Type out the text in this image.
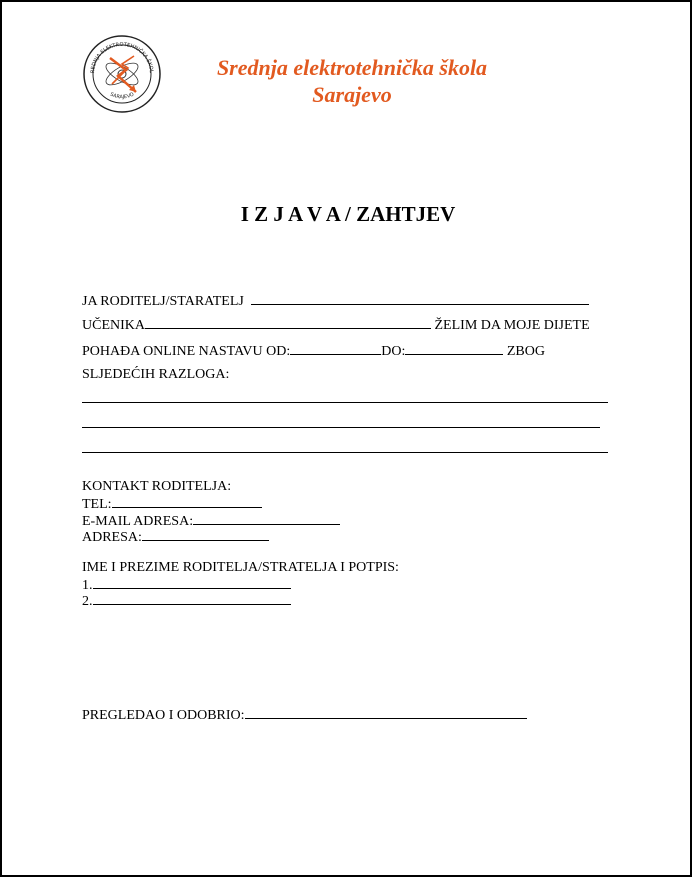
REDNJA ELEKTROTEHNIČKA ŠKOL
SARAJEVO
Srednja elektrotehnička škola
Sarajevo
I Z J A V A / ZAHTJEV
JA RODITELJ/STARATELJ
UČENIKA	ŽELIM DA MOJE DIJETE
POHAĐA ONLINE NASTAVU OD:	DO:	ZBOG
SLJEDEĆIH RAZLOGA:
KONTAKT RODITELJA:
TEL:
E-MAIL ADRESA:
ADRESA:
IME I PREZIME RODITELJA/STRATELJA I POTPIS:
1.
2.
PREGLEDAO I ODOBRIO:
